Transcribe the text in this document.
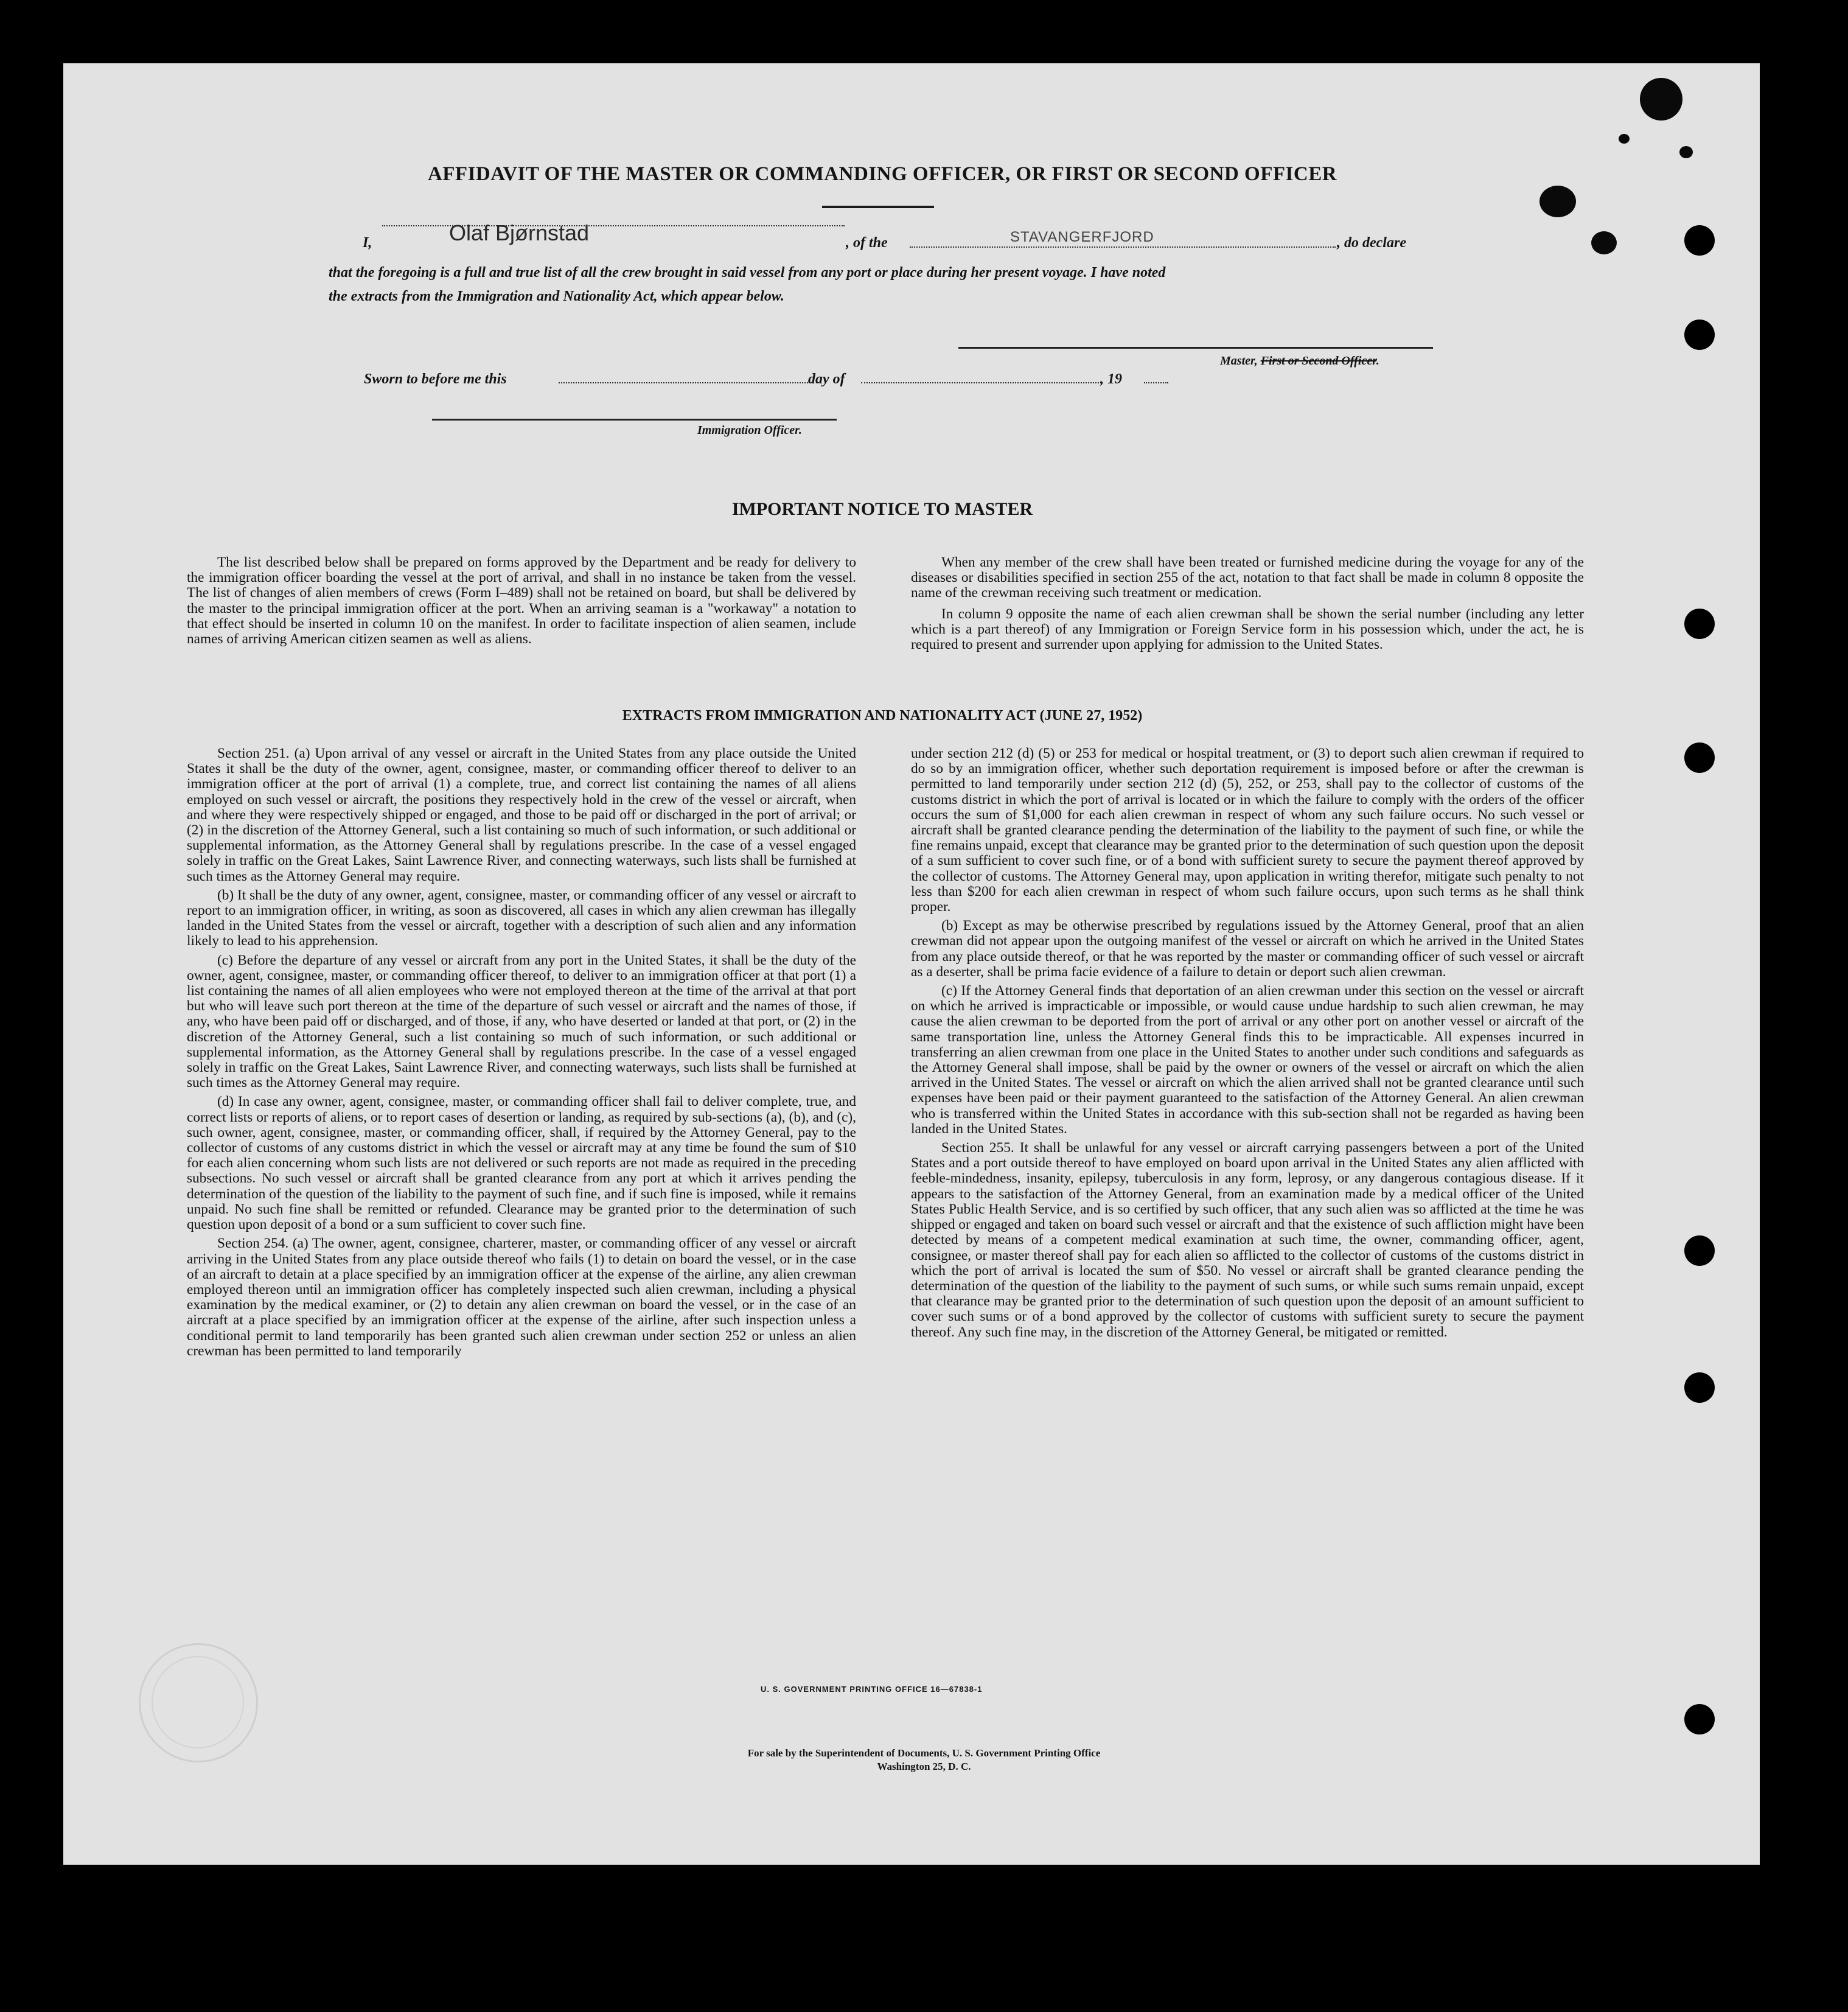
AFFIDAVIT OF THE MASTER OR COMMANDING OFFICER, OR FIRST OR SECOND OFFICER
I,	Olaf Bjørnstad	, of the	STAVANGERFJORD	, do declare
that the foregoing is a full and true list of all the crew brought in said vessel from any port or place during her present voyage. I have noted
the extracts from the Immigration and Nationality Act, which appear below.
Master, First or Second Officer.
Sworn to before me this	day of	, 19
Immigration Officer.
IMPORTANT NOTICE TO MASTER

The list described below shall be prepared on forms approved by the Department and be ready for delivery to the immigration officer boarding the vessel at the port of arrival, and shall in no instance be taken from the vessel. The list of changes of alien members of crews (Form I–489) shall not be retained on board, but shall be delivered by the master to the principal immigration officer at the port. When an arriving seaman is a "workaway" a notation to that effect should be inserted in column 10 on the manifest. In order to facilitate inspection of alien seamen, include names of arriving American citizen seamen as well as aliens.

When any member of the crew shall have been treated or furnished medicine during the voyage for any of the diseases or disabilities specified in section 255 of the act, notation to that fact shall be made in column 8 opposite the name of the crewman receiving such treatment or medication.

In column 9 opposite the name of each alien crewman shall be shown the serial number (including any letter which is a part thereof) of any Immigration or Foreign Service form in his possession which, under the act, he is required to present and surrender upon applying for admission to the United States.

EXTRACTS FROM IMMIGRATION AND NATIONALITY ACT (JUNE 27, 1952)

Section 251. (a) Upon arrival of any vessel or aircraft in the United States from any place outside the United States it shall be the duty of the owner, agent, consignee, master, or commanding officer thereof to deliver to an immigration officer at the port of arrival (1) a complete, true, and correct list containing the names of all aliens employed on such vessel or aircraft, the positions they respectively hold in the crew of the vessel or aircraft, when and where they were respectively shipped or engaged, and those to be paid off or discharged in the port of arrival; or (2) in the discretion of the Attorney General, such a list containing so much of such information, or such additional or supplemental information, as the Attorney General shall by regulations prescribe. In the case of a vessel engaged solely in traffic on the Great Lakes, Saint Lawrence River, and connecting waterways, such lists shall be furnished at such times as the Attorney General may require.

(b) It shall be the duty of any owner, agent, consignee, master, or commanding officer of any vessel or aircraft to report to an immigration officer, in writing, as soon as discovered, all cases in which any alien crewman has illegally landed in the United States from the vessel or aircraft, together with a description of such alien and any information likely to lead to his apprehension.

(c) Before the departure of any vessel or aircraft from any port in the United States, it shall be the duty of the owner, agent, consignee, master, or commanding officer thereof, to deliver to an immigration officer at that port (1) a list containing the names of all alien employees who were not employed thereon at the time of the arrival at that port but who will leave such port thereon at the time of the departure of such vessel or aircraft and the names of those, if any, who have been paid off or discharged, and of those, if any, who have deserted or landed at that port, or (2) in the discretion of the Attorney General, such a list containing so much of such information, or such additional or supplemental information, as the Attorney General shall by regulations prescribe. In the case of a vessel engaged solely in traffic on the Great Lakes, Saint Lawrence River, and connecting waterways, such lists shall be furnished at such times as the Attorney General may require.

(d) In case any owner, agent, consignee, master, or commanding officer shall fail to deliver complete, true, and correct lists or reports of aliens, or to report cases of desertion or landing, as required by sub-sections (a), (b), and (c), such owner, agent, consignee, master, or commanding officer, shall, if required by the Attorney General, pay to the collector of customs of any customs district in which the vessel or aircraft may at any time be found the sum of $10 for each alien concerning whom such lists are not delivered or such reports are not made as required in the preceding subsections. No such vessel or aircraft shall be granted clearance from any port at which it arrives pending the determination of the question of the liability to the payment of such fine, and if such fine is imposed, while it remains unpaid. No such fine shall be remitted or refunded. Clearance may be granted prior to the determination of such question upon deposit of a bond or a sum sufficient to cover such fine.

Section 254. (a) The owner, agent, consignee, charterer, master, or commanding officer of any vessel or aircraft arriving in the United States from any place outside thereof who fails (1) to detain on board the vessel, or in the case of an aircraft to detain at a place specified by an immigration officer at the expense of the airline, any alien crewman employed thereon until an immigration officer has completely inspected such alien crewman, including a physical examination by the medical examiner, or (2) to detain any alien crewman on board the vessel, or in the case of an aircraft at a place specified by an immigration officer at the expense of the airline, after such inspection unless a conditional permit to land temporarily has been granted such alien crewman under section 252 or unless an alien crewman has been permitted to land temporarily

under section 212 (d) (5) or 253 for medical or hospital treatment, or (3) to deport such alien crewman if required to do so by an immigration officer, whether such deportation requirement is imposed before or after the crewman is permitted to land temporarily under section 212 (d) (5), 252, or 253, shall pay to the collector of customs of the customs district in which the port of arrival is located or in which the failure to comply with the orders of the officer occurs the sum of $1,000 for each alien crewman in respect of whom any such failure occurs. No such vessel or aircraft shall be granted clearance pending the determination of the liability to the payment of such fine, or while the fine remains unpaid, except that clearance may be granted prior to the determination of such question upon the deposit of a sum sufficient to cover such fine, or of a bond with sufficient surety to secure the payment thereof approved by the collector of customs. The Attorney General may, upon application in writing therefor, mitigate such penalty to not less than $200 for each alien crewman in respect of whom such failure occurs, upon such terms as he shall think proper.

(b) Except as may be otherwise prescribed by regulations issued by the Attorney General, proof that an alien crewman did not appear upon the outgoing manifest of the vessel or aircraft on which he arrived in the United States from any place outside thereof, or that he was reported by the master or commanding officer of such vessel or aircraft as a deserter, shall be prima facie evidence of a failure to detain or deport such alien crewman.

(c) If the Attorney General finds that deportation of an alien crewman under this section on the vessel or aircraft on which he arrived is impracticable or impossible, or would cause undue hardship to such alien crewman, he may cause the alien crewman to be deported from the port of arrival or any other port on another vessel or aircraft of the same transportation line, unless the Attorney General finds this to be impracticable. All expenses incurred in transferring an alien crewman from one place in the United States to another under such conditions and safeguards as the Attorney General shall impose, shall be paid by the owner or owners of the vessel or aircraft on which the alien arrived in the United States. The vessel or aircraft on which the alien arrived shall not be granted clearance until such expenses have been paid or their payment guaranteed to the satisfaction of the Attorney General. An alien crewman who is transferred within the United States in accordance with this sub-section shall not be regarded as having been landed in the United States.

Section 255. It shall be unlawful for any vessel or aircraft carrying passengers between a port of the United States and a port outside thereof to have employed on board upon arrival in the United States any alien afflicted with feeble-mindedness, insanity, epilepsy, tuberculosis in any form, leprosy, or any dangerous contagious disease. If it appears to the satisfaction of the Attorney General, from an examination made by a medical officer of the United States Public Health Service, and is so certified by such officer, that any such alien was so afflicted at the time he was shipped or engaged and taken on board such vessel or aircraft and that the existence of such affliction might have been detected by means of a competent medical examination at such time, the owner, commanding officer, agent, consignee, or master thereof shall pay for each alien so afflicted to the collector of customs of the customs district in which the port of arrival is located the sum of $50. No vessel or aircraft shall be granted clearance pending the determination of the question of the liability to the payment of such sums, or while such sums remain unpaid, except that clearance may be granted prior to the determination of such question upon the deposit of an amount sufficient to cover such sums or of a bond approved by the collector of customs with sufficient surety to secure the payment thereof. Any such fine may, in the discretion of the Attorney General, be mitigated or remitted.

U. S. GOVERNMENT PRINTING OFFICE 16—67838-1
For sale by the Superintendent of Documents, U. S. Government Printing Office
Washington 25, D. C.
